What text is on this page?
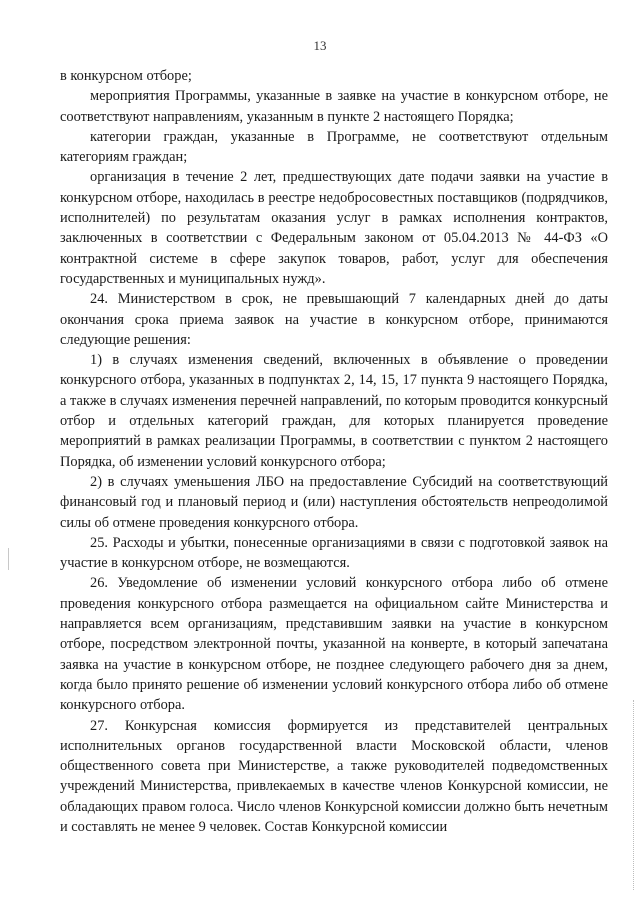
13

в конкурсном отборе;

мероприятия Программы, указанные в заявке на участие в конкурсном отборе, не соответствуют направлениям, указанным в пункте 2 настоящего Порядка;

категории граждан, указанные в Программе, не соответствуют отдельным категориям граждан;

организация в течение 2 лет, предшествующих дате подачи заявки на участие в конкурсном отборе, находилась в реестре недобросовестных поставщиков (подрядчиков, исполнителей) по результатам оказания услуг в рамках исполнения контрактов, заключенных в соответствии с Федеральным законом от 05.04.2013 № 44-ФЗ «О контрактной системе в сфере закупок товаров, работ, услуг для обеспечения государственных и муниципальных нужд».

24. Министерством в срок, не превышающий 7 календарных дней до даты окончания срока приема заявок на участие в конкурсном отборе, принимаются следующие решения:

1) в случаях изменения сведений, включенных в объявление о проведении конкурсного отбора, указанных в подпунктах 2, 14, 15, 17 пункта 9 настоящего Порядка, а также в случаях изменения перечней направлений, по которым проводится конкурсный отбор и отдельных категорий граждан, для которых планируется проведение мероприятий в рамках реализации Программы, в соответствии с пунктом 2 настоящего Порядка, об изменении условий конкурсного отбора;

2) в случаях уменьшения ЛБО на предоставление Субсидий на соответствующий финансовый год и плановый период и (или) наступления обстоятельств непреодолимой силы об отмене проведения конкурсного отбора.

25. Расходы и убытки, понесенные организациями в связи с подготовкой заявок на участие в конкурсном отборе, не возмещаются.

26. Уведомление об изменении условий конкурсного отбора либо об отмене проведения конкурсного отбора размещается на официальном сайте Министерства и направляется всем организациям, представившим заявки на участие в конкурсном отборе, посредством электронной почты, указанной на конверте, в который запечатана заявка на участие в конкурсном отборе, не позднее следующего рабочего дня за днем, когда было принято решение об изменении условий конкурсного отбора либо об отмене конкурсного отбора.

27. Конкурсная комиссия формируется из представителей центральных исполнительных органов государственной власти Московской области, членов общественного совета при Министерстве, а также руководителей подведомственных учреждений Министерства, привлекаемых в качестве членов Конкурсной комиссии, не обладающих правом голоса. Число членов Конкурсной комиссии должно быть нечетным и составлять не менее 9 человек. Состав Конкурсной комиссии
